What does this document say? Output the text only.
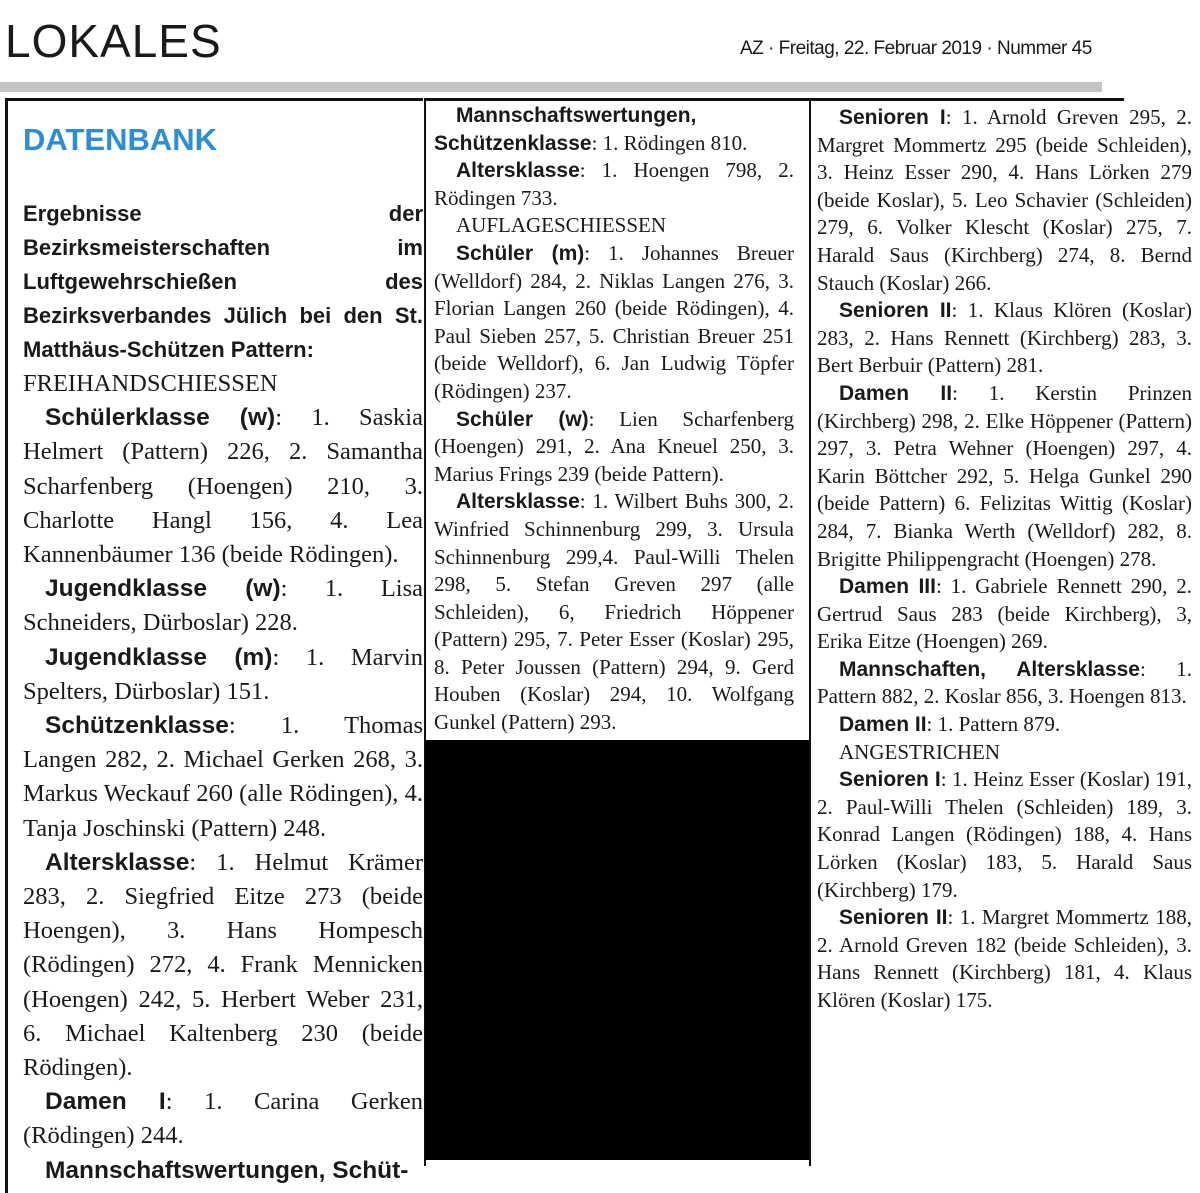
LOKALES	AZ · Freitag, 22. Februar 2019 · Nummer 45
DATENBANK

Ergebnisse der Bezirksmeisterschaften im Luftgewehrschießen des Bezirksverbandes Jülich bei den St. Matthäus-Schützen Pattern:

FREIHANDSCHIESSEN

Schülerklasse (w): 1. Saskia Helmert (Pattern) 226, 2. Samantha Scharfenberg (Hoengen) 210, 3. Charlotte Hangl 156, 4. Lea Kannenbäumer 136 (beide Rödingen).

Jugendklasse (w): 1. Lisa Schneiders, Dürboslar) 228.

Jugendklasse (m): 1. Marvin Spelters, Dürboslar) 151.

Schützenklasse: 1. Thomas Langen 282, 2. Michael Gerken 268, 3. Markus Weckauf 260 (alle Rödingen), 4. Tanja Joschinski (Pattern) 248.

Altersklasse: 1. Helmut Krämer 283, 2. Siegfried Eitze 273 (beide Hoengen), 3. Hans Hompesch (Rödingen) 272, 4. Frank Mennicken (Hoengen) 242, 5. Herbert Weber 231, 6. Michael Kaltenberg 230 (beide Rödingen).

Damen I: 1. Carina Gerken (Rödingen) 244.

Mannschaftswertungen, Schüt-

Mannschaftswertungen, Schützenklasse: 1. Rödingen 810.

Altersklasse: 1. Hoengen 798, 2. Rödingen 733.

AUFLAGESCHIESSEN

Schüler (m): 1. Johannes Breuer (Welldorf) 284, 2. Niklas Langen 276, 3. Florian Langen 260 (beide Rödingen), 4. Paul Sieben 257, 5. Christian Breuer 251 (beide Welldorf), 6. Jan Ludwig Töpfer (Rödingen) 237.

Schüler (w): Lien Scharfenberg (Hoengen) 291, 2. Ana Kneuel 250, 3. Marius Frings 239 (beide Pattern).

Altersklasse: 1. Wilbert Buhs 300, 2. Winfried Schinnenburg 299, 3. Ursula Schinnenburg 299,4. Paul-Willi Thelen 298, 5. Stefan Greven 297 (alle Schleiden), 6, Friedrich Höppener (Pattern) 295, 7. Peter Esser (Koslar) 295, 8. Peter Joussen (Pattern) 294, 9. Gerd Houben (Koslar) 294, 10. Wolfgang Gunkel (Pattern) 293.

Senioren I: 1. Arnold Greven 295, 2. Margret Mommertz 295 (beide Schleiden), 3. Heinz Esser 290, 4. Hans Lörken 279 (beide Koslar), 5. Leo Schavier (Schleiden) 279, 6. Volker Klescht (Koslar) 275, 7. Harald Saus (Kirchberg) 274, 8. Bernd Stauch (Koslar) 266.

Senioren II: 1. Klaus Klören (Koslar) 283, 2. Hans Rennett (Kirchberg) 283, 3. Bert Berbuir (Pattern) 281.

Damen II: 1. Kerstin Prinzen (Kirchberg) 298, 2. Elke Höppener (Pattern) 297, 3. Petra Wehner (Hoengen) 297, 4. Karin Böttcher 292, 5. Helga Gunkel 290 (beide Pattern) 6. Felizitas Wittig (Koslar) 284, 7. Bianka Werth (Welldorf) 282, 8. Brigitte Philippengracht (Hoengen) 278.

Damen III: 1. Gabriele Rennett 290, 2. Gertrud Saus 283 (beide Kirchberg), 3, Erika Eitze (Hoengen) 269.

Mannschaften, Altersklasse: 1. Pattern 882, 2. Koslar 856, 3. Hoengen 813.

Damen II: 1. Pattern 879.

ANGESTRICHEN

Senioren I: 1. Heinz Esser (Koslar) 191, 2. Paul-Willi Thelen (Schleiden) 189, 3. Konrad Langen (Rödingen) 188, 4. Hans Lörken (Koslar) 183, 5. Harald Saus (Kirchberg) 179.

Senioren II: 1. Margret Mommertz 188, 2. Arnold Greven 182 (beide Schleiden), 3. Hans Rennett (Kirchberg) 181, 4. Klaus Klören (Koslar) 175.
